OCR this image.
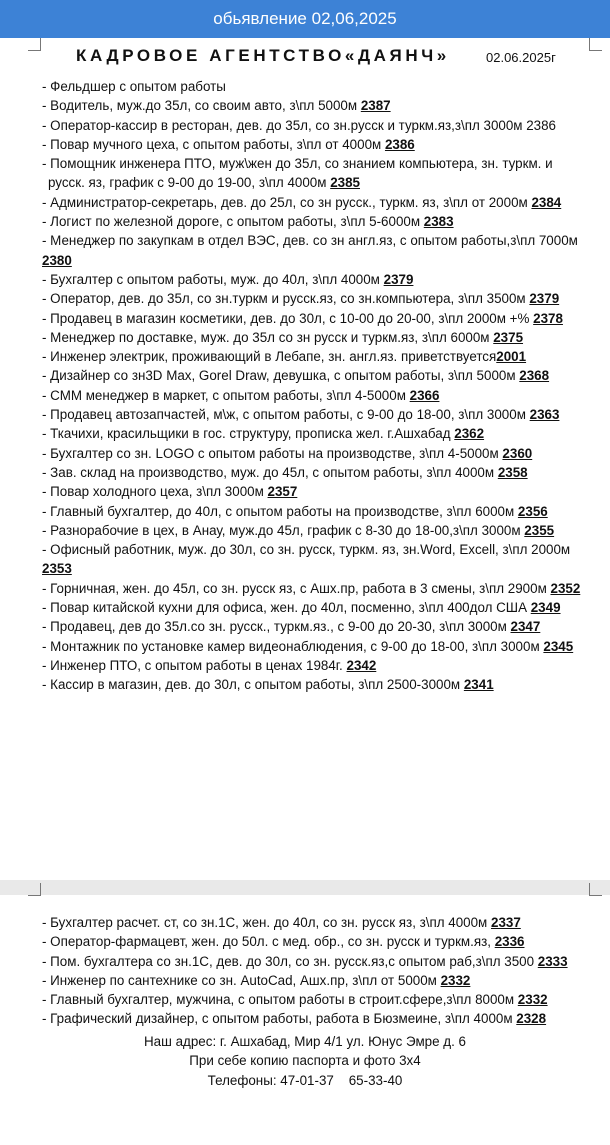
обьявление 02,06,2025
КАДРОВОЕ АГЕНТСТВО«ДАЯНЧ»	02.06.2025г
- Фельдшер с опытом работы
- Водитель, муж.до 35л, со своим авто, з\пл 5000м 2387
- Оператор-кассир в ресторан, дев. до 35л, со зн.русск и туркм.яз,з\пл 3000м 2386
- Повар мучного цеха, с опытом работы, з\пл от 4000м 2386
- Помощник инженера ПТО, муж\жен до 35л, со знанием компьютера, зн. туркм. и
русск. яз, график с 9-00 до 19-00, з\пл 4000м 2385
- Администратор-секретарь, дев. до 25л, со зн русск., туркм. яз, з\пл от 2000м 2384
- Логист по железной дороге, с опытом работы, з\пл 5-6000м 2383
- Менеджер по закупкам в отдел ВЭС, дев. со зн англ.яз, с опытом работы,з\пл 7000м 2380
- Бухгалтер с опытом работы, муж. до 40л, з\пл 4000м 2379
- Оператор, дев. до 35л, со зн.туркм и русск.яз, со зн.компьютера, з\пл 3500м 2379
- Продавец в магазин косметики, дев. до 30л, с 10-00 до 20-00, з\пл 2000м +% 2378
- Менеджер по доставке, муж. до 35л со зн русск и туркм.яз, з\пл 6000м 2375
- Инженер электрик, проживающий в Лебапе, зн. англ.яз. приветствуется2001
- Дизайнер со зн3D Max, Gorel Draw, девушка, с опытом работы, з\пл 5000м 2368
- СММ менеджер в маркет, с опытом работы, з\пл 4-5000м 2366
- Продавец автозапчастей, м\ж, с опытом работы, с 9-00 до 18-00, з\пл 3000м 2363
- Ткачихи, красильщики в гос. структуру, прописка жел. г.Ашхабад 2362
- Бухгалтер со зн. LOGO с опытом работы на производстве, з\пл 4-5000м 2360
- Зав. склад на производство, муж. до 45л, с опытом работы, з\пл 4000м 2358
- Повар холодного цеха, з\пл 3000м 2357
- Главный бухгалтер, до 40л, с опытом работы на производстве, з\пл 6000м 2356
- Разнорабочие в цех, в Анау, муж.до 45л, график с 8-30 до 18-00,з\пл 3000м 2355
- Офисный работник, муж. до 30л, со зн. русск, туркм. яз, зн.Word, Excell, з\пл 2000м 2353
- Горничная, жен. до 45л, со зн. русск яз, с Ашх.пр, работа в 3 смены, з\пл 2900м 2352
- Повар китайской кухни для офиса, жен. до 40л, посменно, з\пл 400дол США 2349
- Продавец, дев до 35л.со зн. русск., туркм.яз., с 9-00 до 20-30, з\пл 3000м 2347
- Монтажник по установке камер видеонаблюдения, с 9-00 до 18-00, з\пл 3000м 2345
- Инженер ПТО, с опытом работы в ценах 1984г. 2342
- Кассир в магазин, дев. до 30л, с опытом работы, з\пл 2500-3000м 2341
- Бухгалтер расчет. ст, со зн.1С, жен. до 40л, со зн. русск яз, з\пл 4000м 2337
- Оператор-фармацевт, жен. до 50л. с мед. обр., со зн. русск и туркм.яз, 2336
- Пом. бухгалтера со зн.1С, дев. до 30л, со зн. русск.яз,с опытом раб,з\пл 3500 2333
- Инженер по сантехнике со зн. AutoCad, Ашх.пр, з\пл от 5000м 2332
- Главный бухгалтер, мужчина, с опытом работы в строит.сфере,з\пл 8000м 2332
- Графический дизайнер, с опытом работы, работа в Бюзмеине, з\пл 4000м 2328
Наш адрес: г. Ашхабад, Мир 4/1 ул. Юнус Эмре д. 6
При себе копию паспорта и фото 3х4
Телефоны: 47-01-37    65-33-40
